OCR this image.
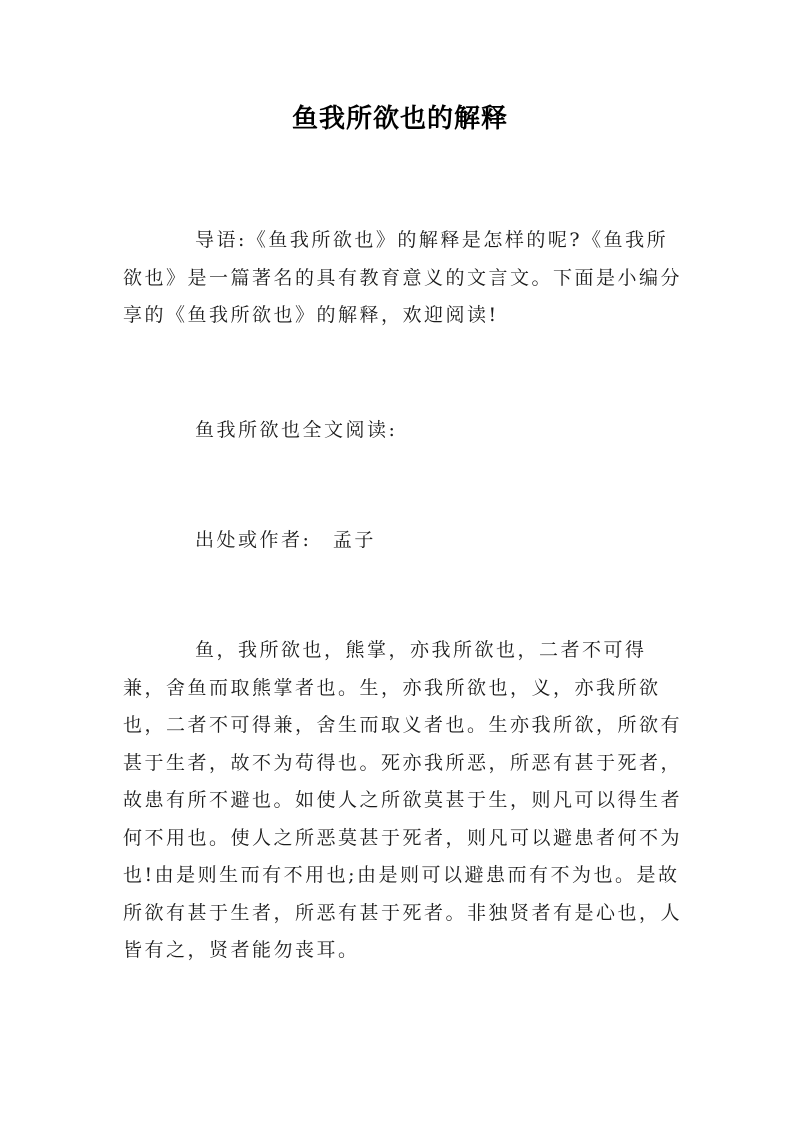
鱼我所欲也的解释

导语:《鱼我所欲也》的解释是怎样的呢?《鱼我所欲也》是一篇著名的具有教育意义的文言文。下面是小编分享的《鱼我所欲也》的解释，欢迎阅读!

鱼我所欲也全文阅读:

出处或作者:　孟子

鱼，我所欲也，熊掌，亦我所欲也，二者不可得兼，舍鱼而取熊掌者也。生，亦我所欲也，义，亦我所欲也，二者不可得兼，舍生而取义者也。生亦我所欲，所欲有甚于生者，故不为苟得也。死亦我所恶，所恶有甚于死者，故患有所不避也。如使人之所欲莫甚于生，则凡可以得生者何不用也。使人之所恶莫甚于死者，则凡可以避患者何不为也!由是则生而有不用也;由是则可以避患而有不为也。是故所欲有甚于生者，所恶有甚于死者。非独贤者有是心也，人皆有之，贤者能勿丧耳。
